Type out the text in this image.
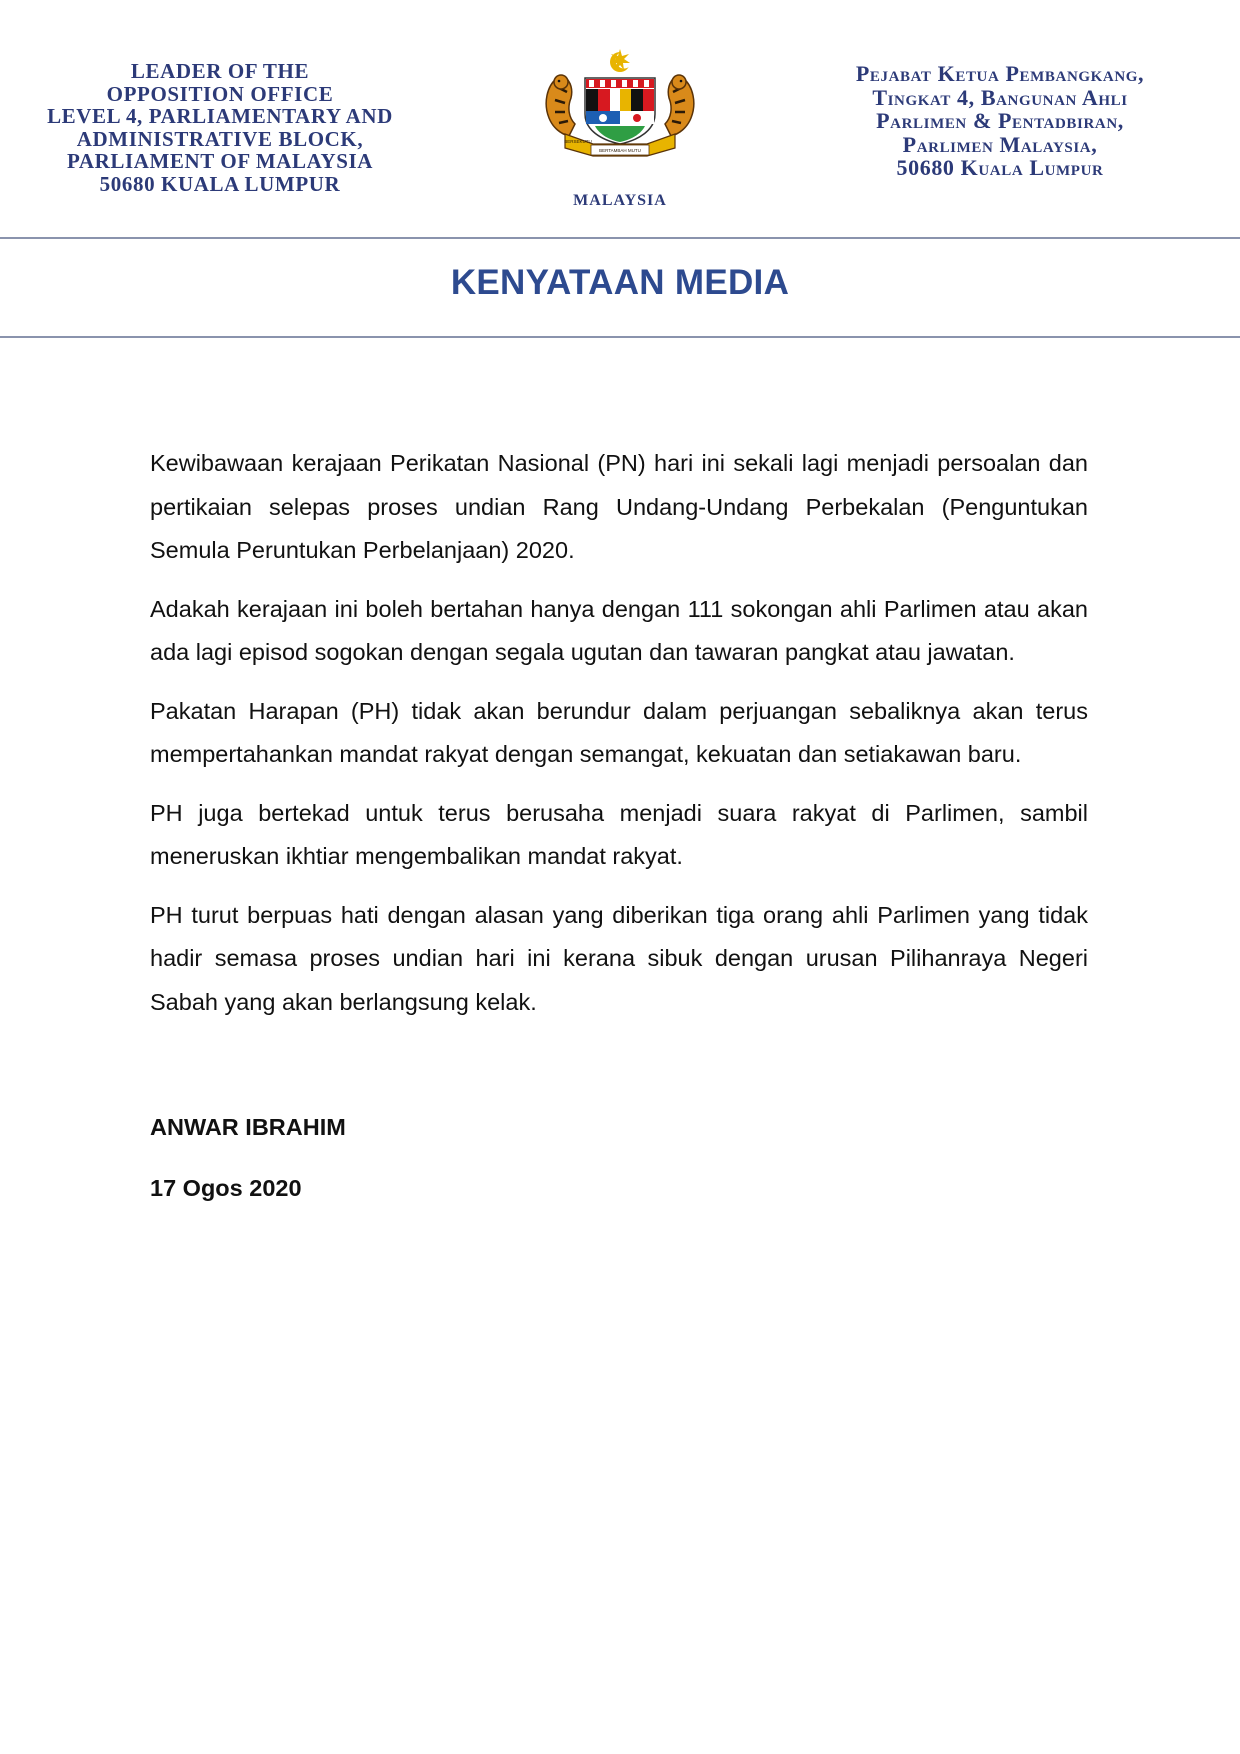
LEADER OF THE
OPPOSITION OFFICE
LEVEL 4, PARLIAMENTARY AND
ADMINISTRATIVE BLOCK,
PARLIAMENT OF MALAYSIA
50680 KUALA LUMPUR
BERSEKUTU
BERTAMBAH MUTU
MALAYSIA
Pejabat Ketua Pembangkang,
Tingkat 4, Bangunan Ahli
Parlimen & Pentadbiran,
Parlimen Malaysia,
50680 Kuala Lumpur
KENYATAAN MEDIA

Kewibawaan kerajaan Perikatan Nasional (PN) hari ini sekali lagi menjadi persoalan dan pertikaian selepas proses undian Rang Undang-Undang Perbekalan (Penguntukan Semula Peruntukan Perbelanjaan) 2020.

Adakah kerajaan ini boleh bertahan hanya dengan 111 sokongan ahli Parlimen atau akan ada lagi episod sogokan dengan segala ugutan dan tawaran pangkat atau jawatan.

Pakatan Harapan (PH) tidak akan berundur dalam perjuangan sebaliknya akan terus mempertahankan mandat rakyat dengan semangat, kekuatan dan setiakawan baru.

PH juga bertekad untuk terus berusaha menjadi suara rakyat di Parlimen, sambil meneruskan ikhtiar mengembalikan mandat rakyat.

PH turut berpuas hati dengan alasan yang diberikan tiga orang ahli Parlimen yang tidak hadir semasa proses undian hari ini kerana sibuk dengan urusan Pilihanraya Negeri Sabah yang akan berlangsung kelak.

ANWAR IBRAHIM
17 Ogos 2020
